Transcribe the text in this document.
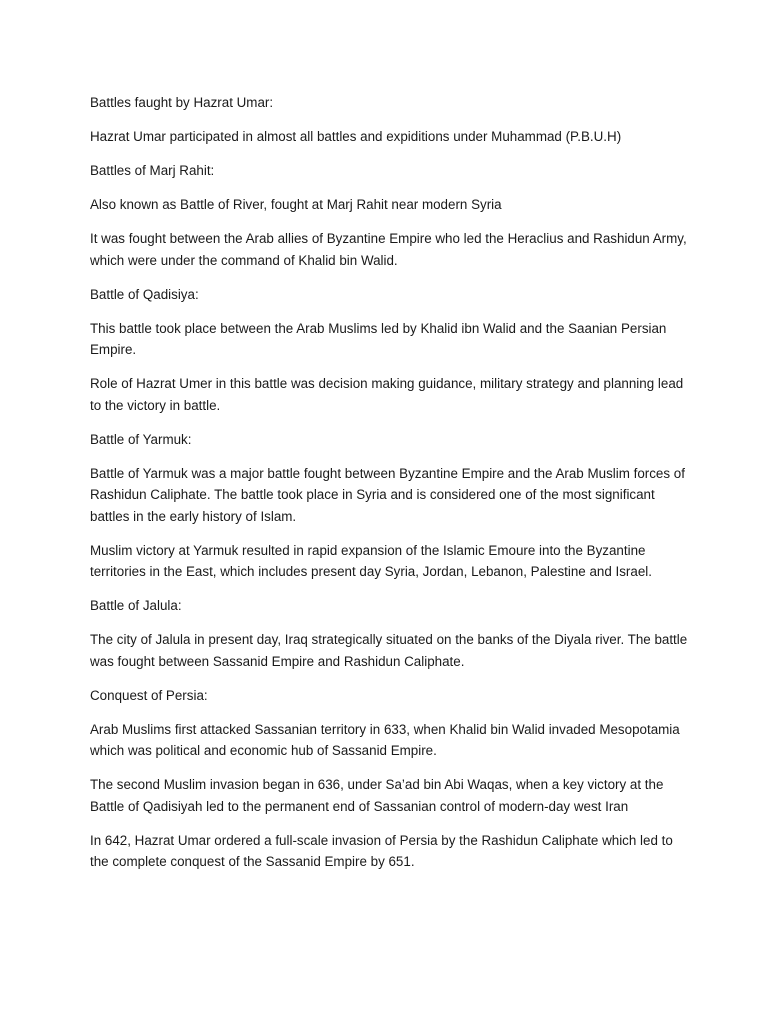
Battles faught by Hazrat Umar:

Hazrat Umar participated in almost all battles and expiditions under Muhammad (P.B.U.H)

Battles of Marj Rahit:

Also known as Battle of River, fought at Marj Rahit near modern Syria

It was fought between the Arab allies of Byzantine Empire who led the Heraclius and Rashidun Army, which were under the command of Khalid bin Walid.

Battle of Qadisiya:

This battle took place between the Arab Muslims led by Khalid ibn Walid and the Saanian Persian Empire.

Role of Hazrat Umer in this battle was decision making guidance, military strategy and planning lead to the victory in battle.

Battle of Yarmuk:

Battle of Yarmuk was a major battle fought between Byzantine Empire and the Arab Muslim forces of Rashidun Caliphate. The battle took place in Syria and is considered one of the most significant battles in the early history of Islam.

Muslim victory at Yarmuk resulted in rapid expansion of the Islamic Emoure into the Byzantine territories in the East, which includes present day Syria, Jordan, Lebanon, Palestine and Israel.

Battle of Jalula:

The city of Jalula in present day, Iraq strategically situated on the banks of the Diyala river. The battle was fought between Sassanid Empire and Rashidun Caliphate.

Conquest of Persia:

Arab Muslims first attacked Sassanian territory in 633, when Khalid bin Walid invaded Mesopotamia which was political and economic hub of Sassanid Empire.

The second Muslim invasion began in 636, under Sa’ad bin Abi Waqas, when a key victory at the Battle of Qadisiyah led to the permanent end of Sassanian control of modern-day west Iran

In 642, Hazrat Umar ordered a full-scale invasion of Persia by the Rashidun Caliphate which led to the complete conquest of the Sassanid Empire by 651.
